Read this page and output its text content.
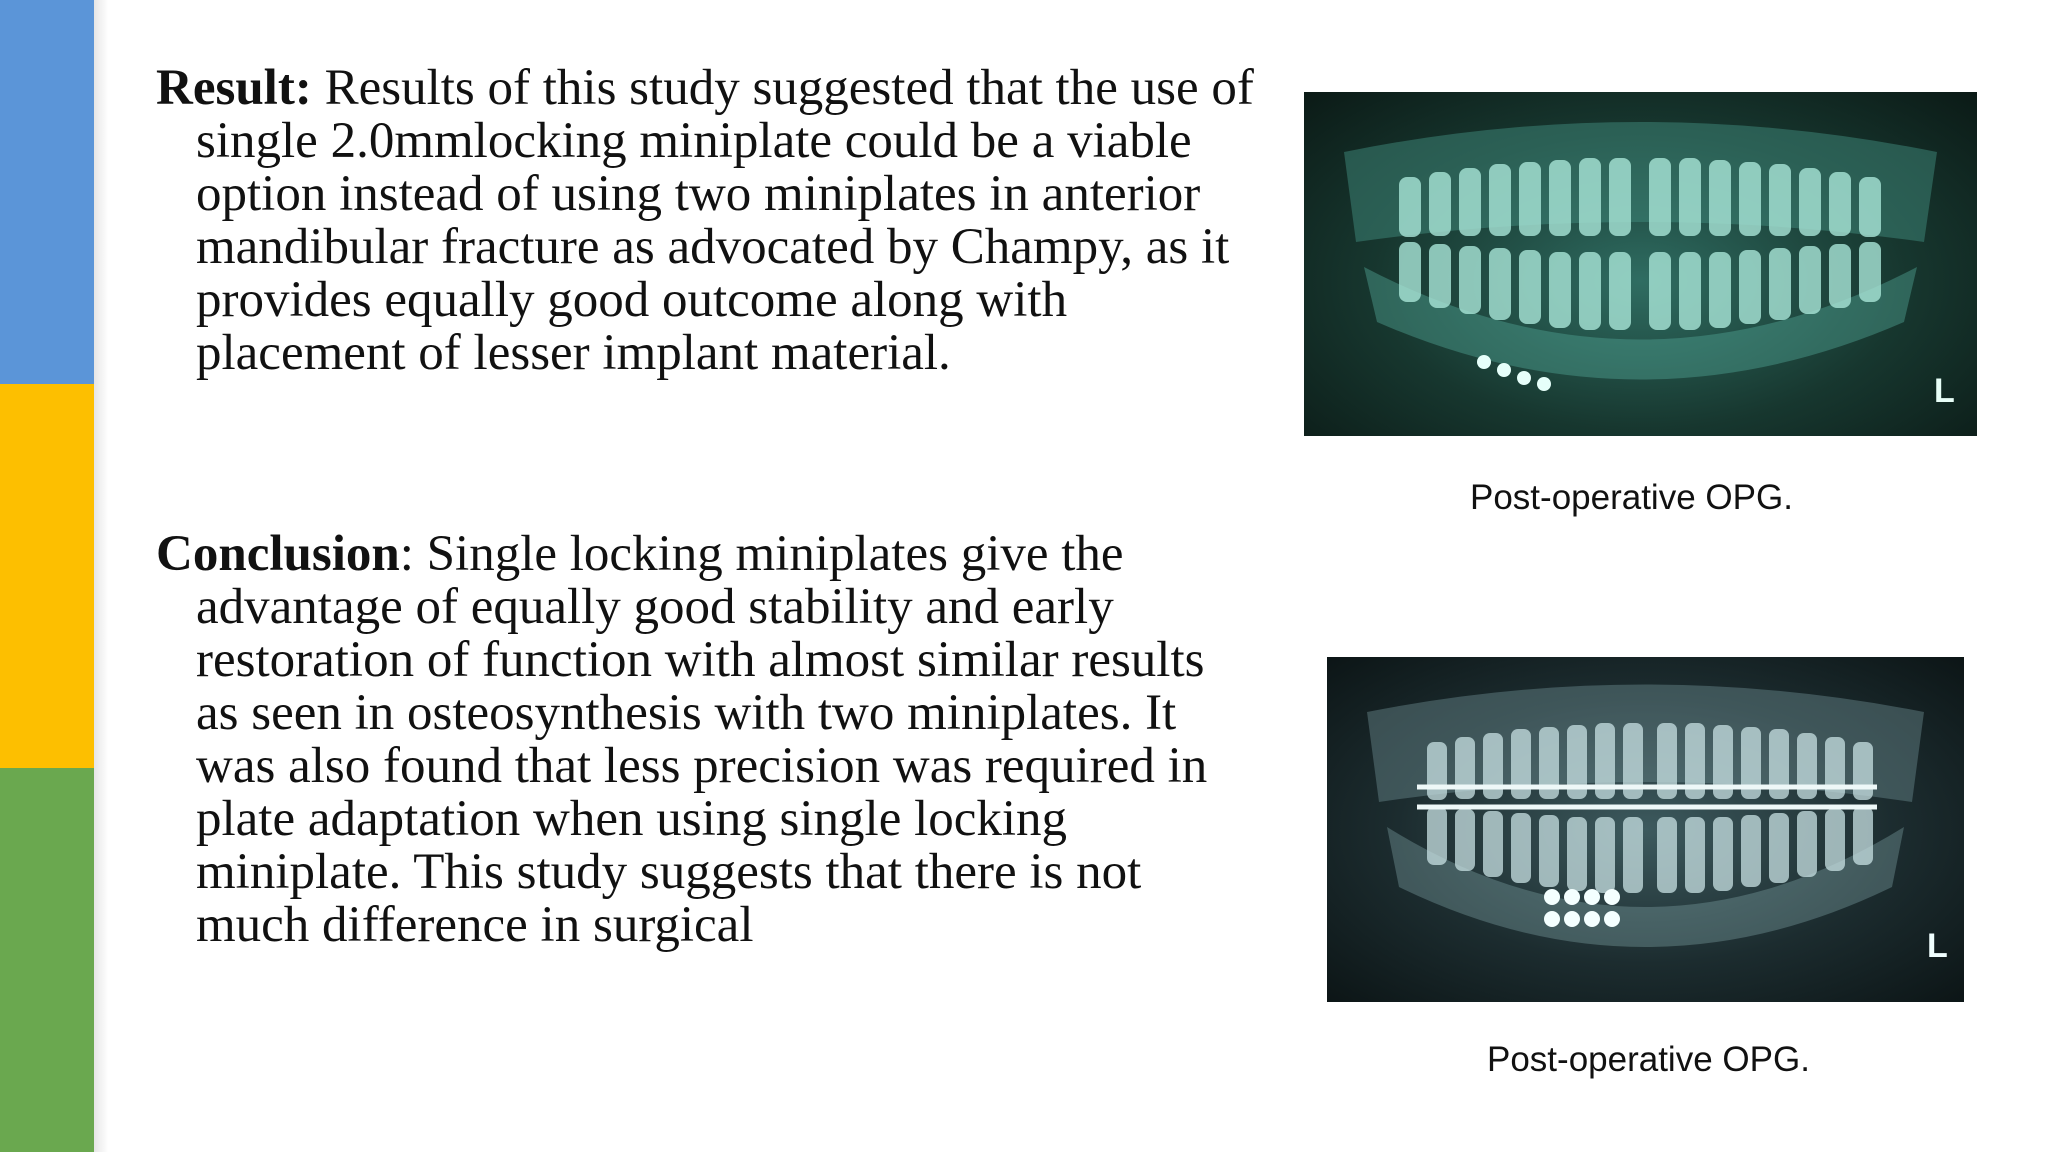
Result: Results of this study suggested that the use of single 2.0mmlocking miniplate could be a viable option instead of using two miniplates in anterior mandibular fracture as advocated by Champy, as it provides equally good outcome along with placement of lesser implant material.

Conclusion: Single locking miniplates give the advantage of equally good stability and early restoration of function with almost similar results as seen in osteosynthesis with two miniplates. It was also found that less precision was required in plate adaptation when using single locking miniplate. This study suggests that there is not much difference in surgical

L
Post-operative OPG.
L
Post-operative OPG.
